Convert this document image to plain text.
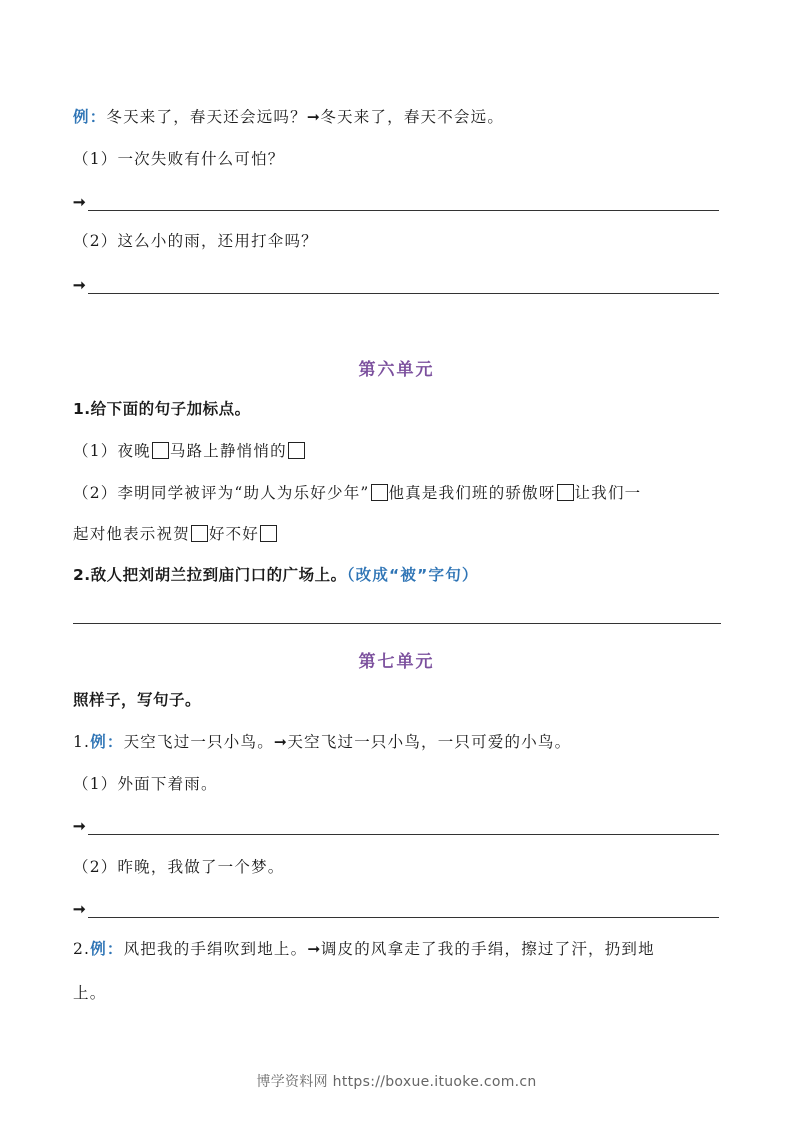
例：冬天来了，春天还会远吗？➞冬天来了，春天不会远。
（1）一次失败有什么可怕？
➞
（2）这么小的雨，还用打伞吗？
➞
第六单元
1.给下面的句子加标点。
（1）夜晚 马路上静悄悄的
（2）李明同学被评为“助人为乐好少年” 他真是我们班的骄傲呀 让我们一
起对他表示祝贺 好不好
2.敌人把刘胡兰拉到庙门口的广场上。（改成“被”字句）
第七单元
照样子，写句子。
1.例：天空飞过一只小鸟。➞天空飞过一只小鸟，一只可爱的小鸟。
（1）外面下着雨。
➞
（2）昨晚，我做了一个梦。
➞
2.例：风把我的手绢吹到地上。➞调皮的风拿走了我的手绢，擦过了汗，扔到地
上。
博学资料网 https://boxue.ituoke.com.cn
